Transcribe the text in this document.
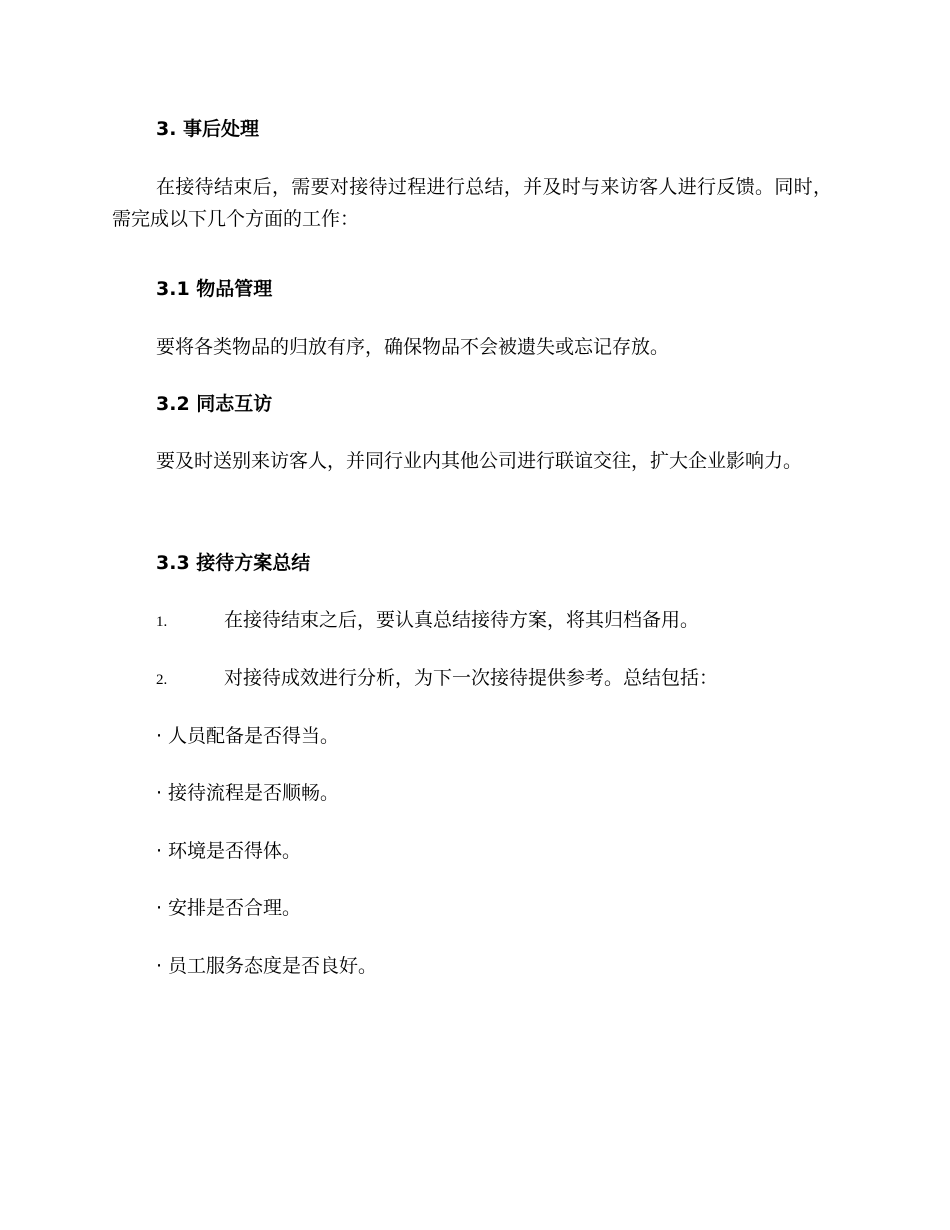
3. 事后处理
在接待结束后，需要对接待过程进行总结，并及时与来访客人进行反馈。同时，需完成以下几个方面的工作：
3.1 物品管理
要将各类物品的归放有序，确保物品不会被遗失或忘记存放。
3.2 同志互访
要及时送别来访客人，并同行业内其他公司进行联谊交往，扩大企业影响力。
3.3 接待方案总结
1.	在接待结束之后，要认真总结接待方案，将其归档备用。
2.	对接待成效进行分析，为下一次接待提供参考。总结包括：
· 人员配备是否得当。
· 接待流程是否顺畅。
· 环境是否得体。
· 安排是否合理。
· 员工服务态度是否良好。
